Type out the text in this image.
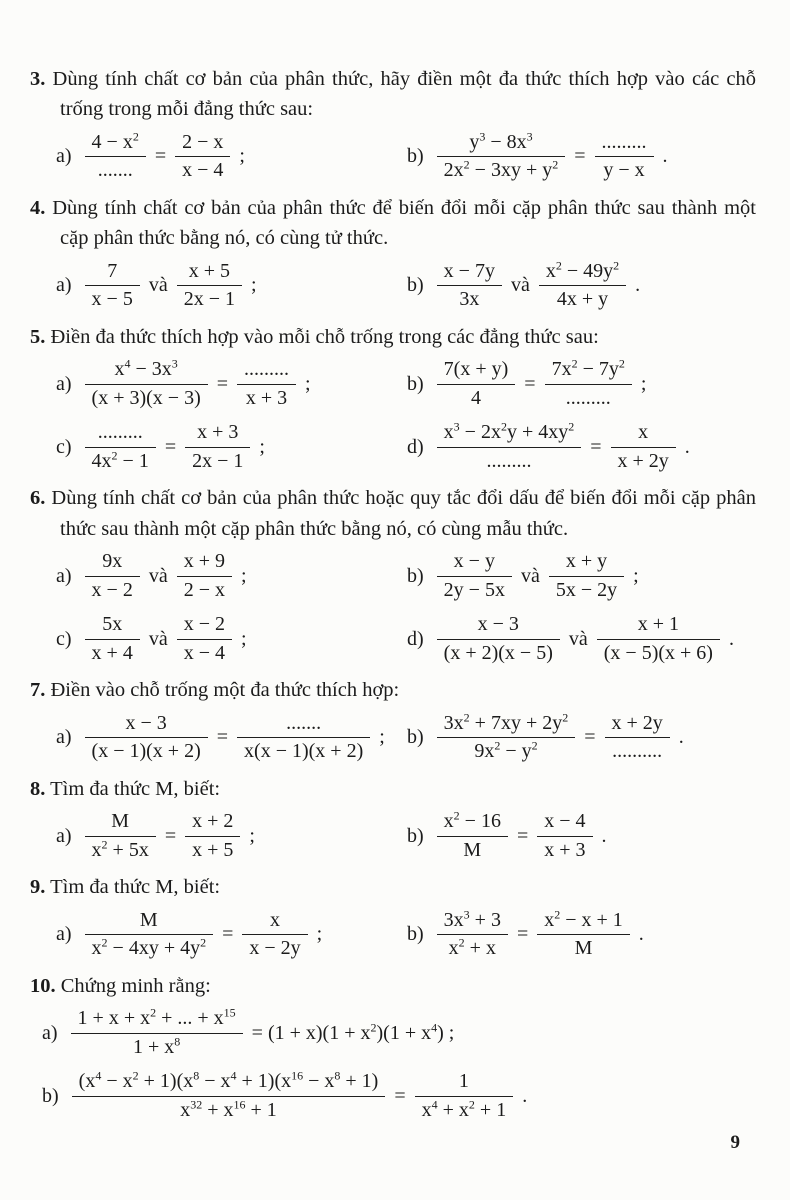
3. Dùng tính chất cơ bản của phân thức, hãy điền một đa thức thích hợp vào các chỗ trống trong mỗi đẳng thức sau:
$a) \frac{4 - x^2}{.......} = \frac{2 - x}{x - 4}$ ;	$b) \frac{y^3 - 8x^3}{2x^2 - 3xy + y^2} = \frac{.........}{y - x}$ .
4. Dùng tính chất cơ bản của phân thức để biến đổi mỗi cặp phân thức sau thành một cặp phân thức bằng nó, có cùng tử thức.
$a) \frac{7}{x - 5}$ và $\frac{x + 5}{2x - 1}$ ;	$b) \frac{x - 7y}{3x}$ và $\frac{x^2 - 49y^2}{4x + y}$ .
5. Điền đa thức thích hợp vào mỗi chỗ trống trong các đẳng thức sau:
$a) \frac{x^4 - 3x^3}{(x + 3)(x - 3)} = \frac{.........}{x + 3}$ ;	$b) \frac{7(x + y)}{4} = \frac{7x^2 - 7y^2}{.........}$ ;
$c) \frac{.........}{4x^2 - 1} = \frac{x + 3}{2x - 1}$ ;	$d) \frac{x^3 - 2x^2y + 4xy^2}{.........} = \frac{x}{x + 2y}$ .
6. Dùng tính chất cơ bản của phân thức hoặc quy tắc đổi dấu để biến đổi mỗi cặp phân thức sau thành một cặp phân thức bằng nó, có cùng mẫu thức.
$a) \frac{9x}{x - 2}$ và $\frac{x + 9}{2 - x}$ ;	$b) \frac{x - y}{2y - 5x}$ và $\frac{x + y}{5x - 2y}$ ;
$c) \frac{5x}{x + 4}$ và $\frac{x - 2}{x - 4}$ ;	$d) \frac{x - 3}{(x + 2)(x - 5)}$ và $\frac{x + 1}{(x - 5)(x + 6)}$ .
7. Điền vào chỗ trống một đa thức thích hợp:
$a) \frac{x - 3}{(x - 1)(x + 2)} = \frac{.......}{x(x - 1)(x + 2)}$ ; $b) \frac{3x^2 + 7xy + 2y^2}{9x^2 - y^2} = \frac{x + 2y}{..........}$ .
8. Tìm đa thức M, biết:
$a) \frac{M}{x^2 + 5x} = \frac{x + 2}{x + 5}$ ;	$b) \frac{x^2 - 16}{M} = \frac{x - 4}{x + 3}$ .
9. Tìm đa thức M, biết:
$a) \frac{M}{x^2 - 4xy + 4y^2} = \frac{x}{x - 2y}$ ;	$b) \frac{3x^3 + 3}{x^2 + x} = \frac{x^2 - x + 1}{M}$ .
10. Chứng minh rằng:
$a) \frac{1 + x + x^2 + ... + x^{15}}{1 + x^8} = (1 + x)(1 + x^2)(1 + x^4)$ ;
$b) \frac{(x^4 - x^2 + 1)(x^8 - x^4 + 1)(x^{16} - x^8 + 1)}{x^{32} + x^{16} + 1} = \frac{1}{x^4 + x^2 + 1}$ .
9
